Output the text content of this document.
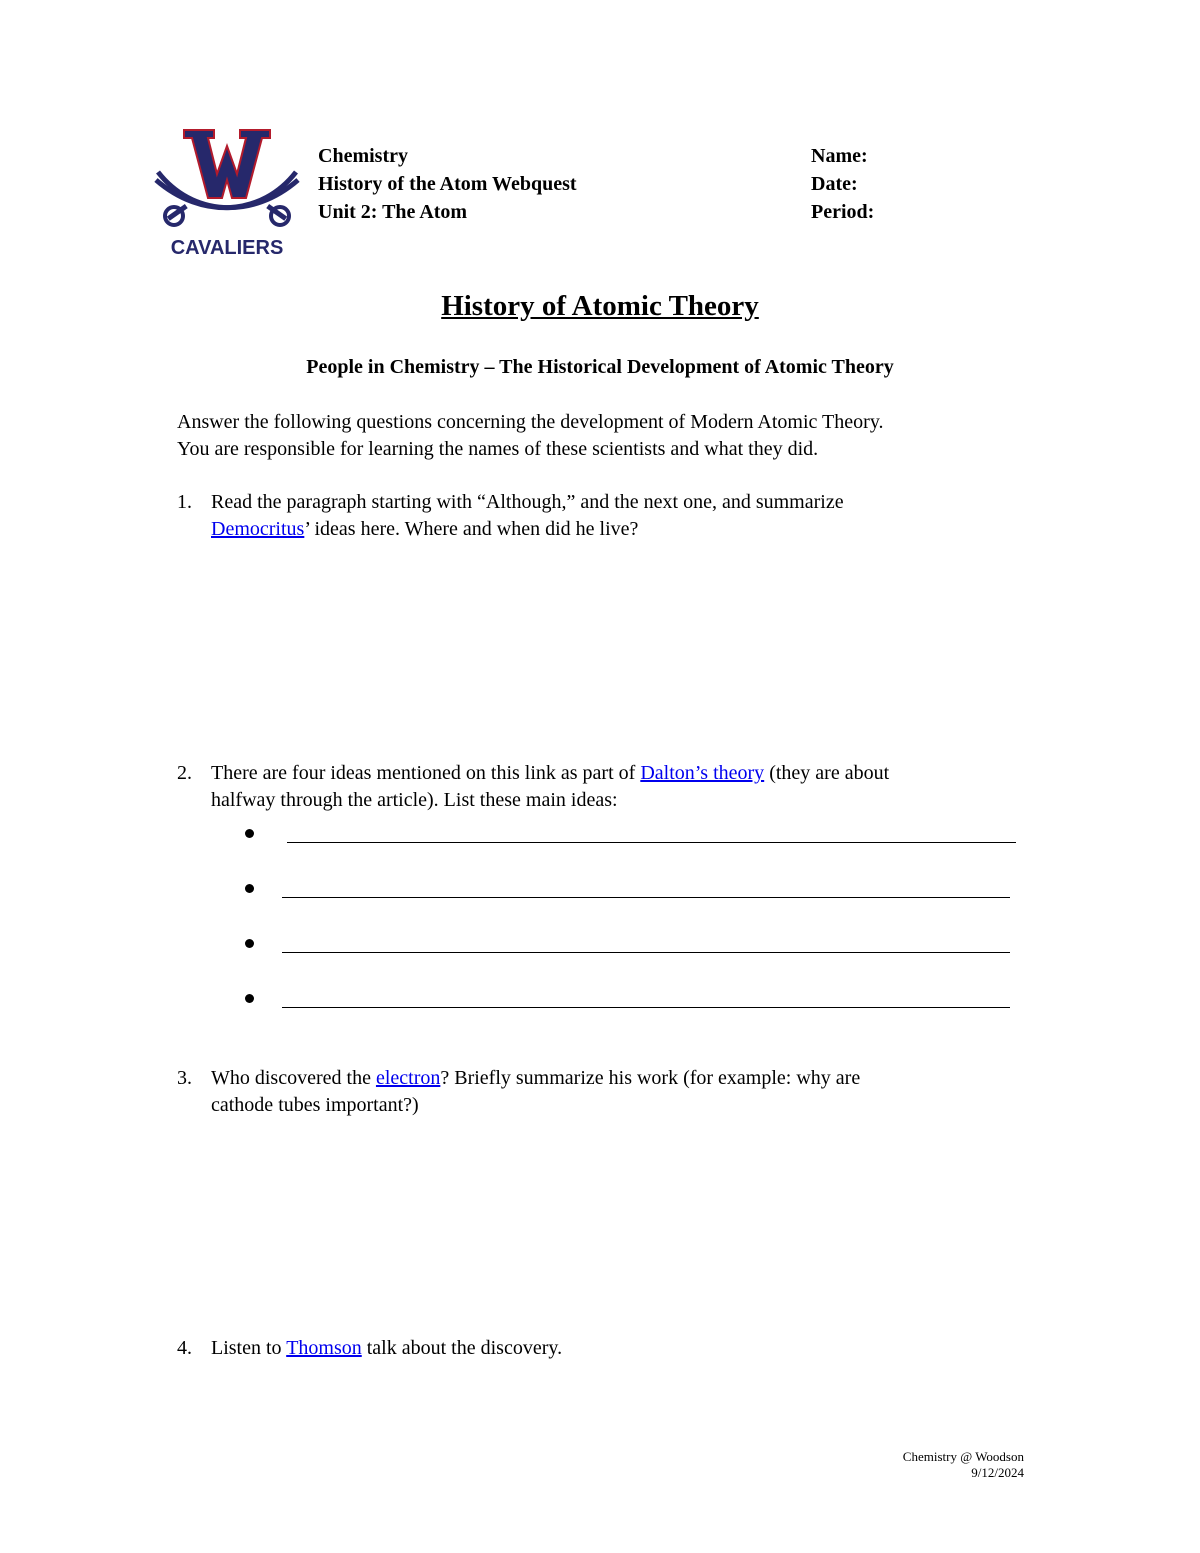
CAVALIERS
Chemistry
History of the Atom Webquest
Unit 2: The Atom
Name:
Date:
Period:
History of Atomic Theory
People in Chemistry – The Historical Development of Atomic Theory
Answer the following questions concerning the development of Modern Atomic Theory.
You are responsible for learning the names of these scientists and what they did.
1. Read the paragraph starting with “Although,” and the next one, and summarize
Democritus’ ideas here. Where and when did he live?
2. There are four ideas mentioned on this link as part of Dalton’s theory (they are about
halfway through the article). List these main ideas:
3. Who discovered the electron? Briefly summarize his work (for example: why are
cathode tubes important?)
4. Listen to Thomson talk about the discovery.
Chemistry @ Woodson
9/12/2024
